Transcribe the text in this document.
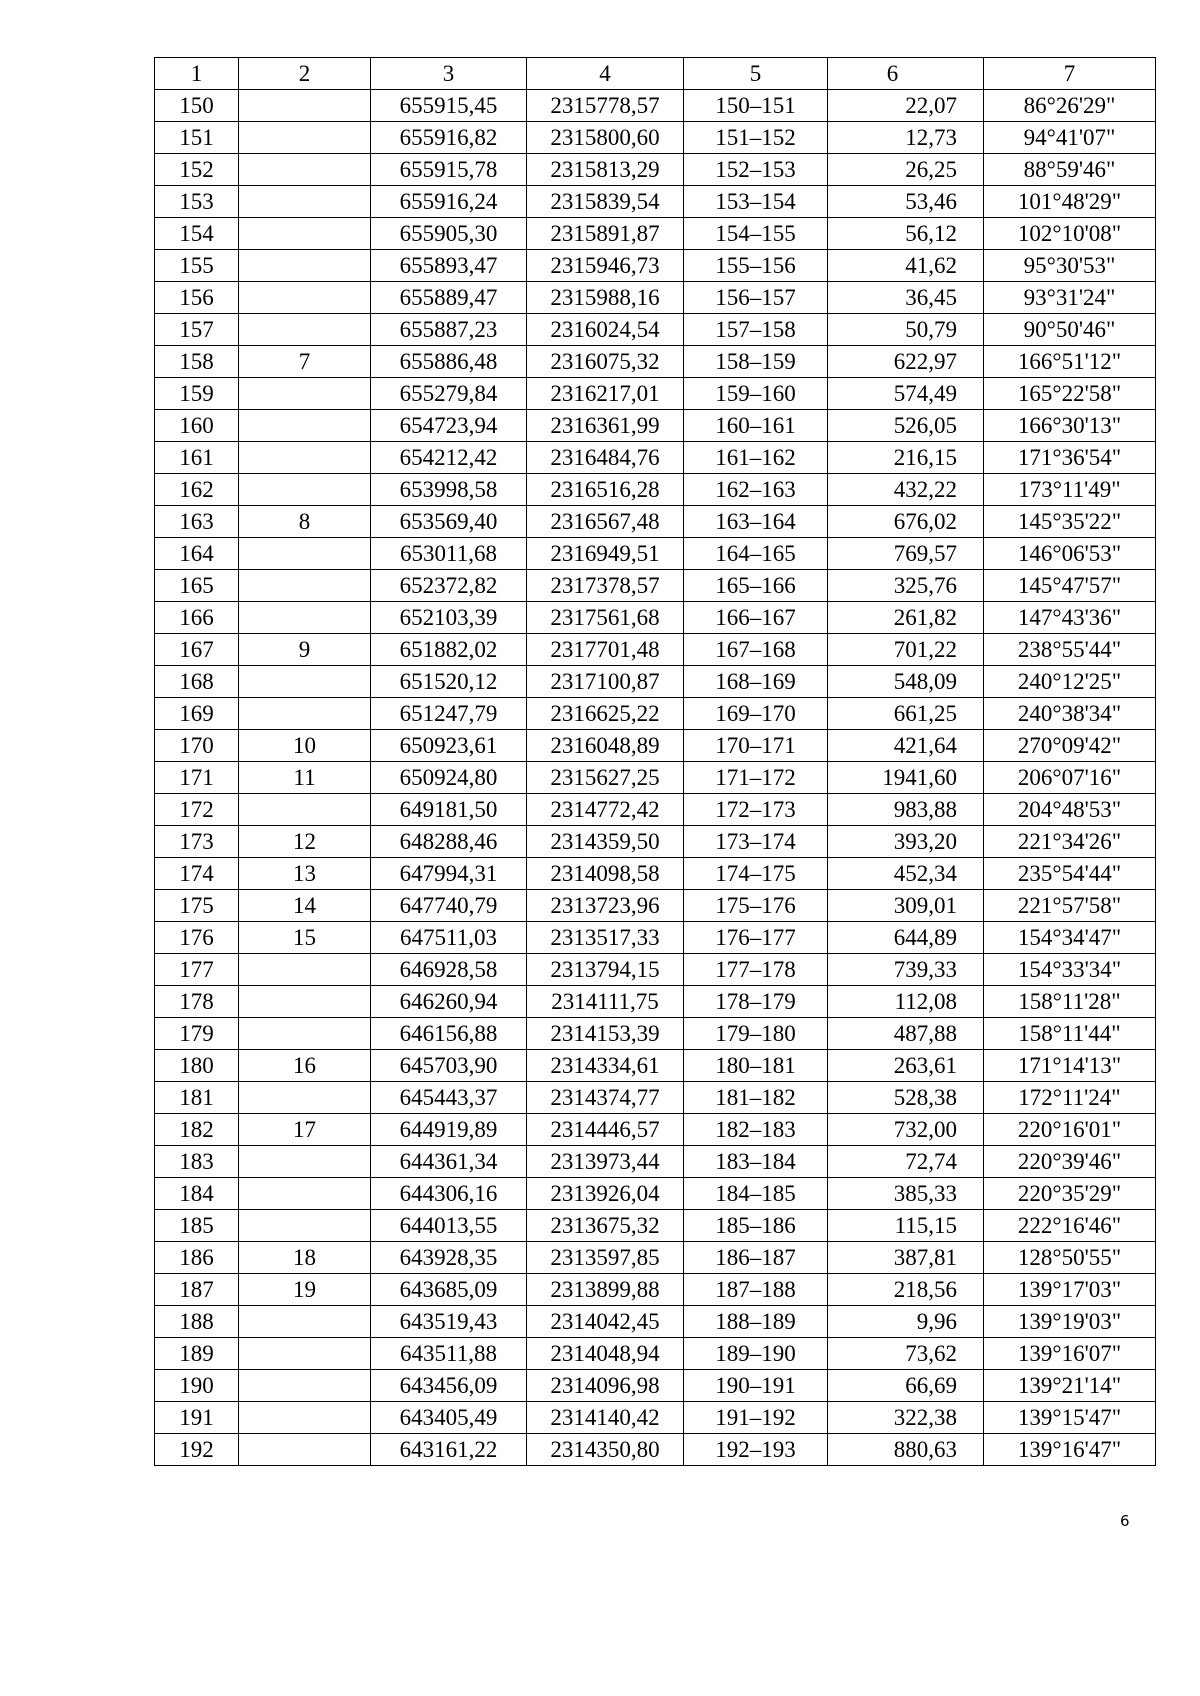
1	2	3	4	5	6	7
150		655915,45	2315778,57	150–151	22,07	86°26'29"
151		655916,82	2315800,60	151–152	12,73	94°41'07"
152		655915,78	2315813,29	152–153	26,25	88°59'46"
153		655916,24	2315839,54	153–154	53,46	101°48'29"
154		655905,30	2315891,87	154–155	56,12	102°10'08"
155		655893,47	2315946,73	155–156	41,62	95°30'53"
156		655889,47	2315988,16	156–157	36,45	93°31'24"
157		655887,23	2316024,54	157–158	50,79	90°50'46"
158	7	655886,48	2316075,32	158–159	622,97	166°51'12"
159		655279,84	2316217,01	159–160	574,49	165°22'58"
160		654723,94	2316361,99	160–161	526,05	166°30'13"
161		654212,42	2316484,76	161–162	216,15	171°36'54"
162		653998,58	2316516,28	162–163	432,22	173°11'49"
163	8	653569,40	2316567,48	163–164	676,02	145°35'22"
164		653011,68	2316949,51	164–165	769,57	146°06'53"
165		652372,82	2317378,57	165–166	325,76	145°47'57"
166		652103,39	2317561,68	166–167	261,82	147°43'36"
167	9	651882,02	2317701,48	167–168	701,22	238°55'44"
168		651520,12	2317100,87	168–169	548,09	240°12'25"
169		651247,79	2316625,22	169–170	661,25	240°38'34"
170	10	650923,61	2316048,89	170–171	421,64	270°09'42"
171	11	650924,80	2315627,25	171–172	1941,60	206°07'16"
172		649181,50	2314772,42	172–173	983,88	204°48'53"
173	12	648288,46	2314359,50	173–174	393,20	221°34'26"
174	13	647994,31	2314098,58	174–175	452,34	235°54'44"
175	14	647740,79	2313723,96	175–176	309,01	221°57'58"
176	15	647511,03	2313517,33	176–177	644,89	154°34'47"
177		646928,58	2313794,15	177–178	739,33	154°33'34"
178		646260,94	2314111,75	178–179	112,08	158°11'28"
179		646156,88	2314153,39	179–180	487,88	158°11'44"
180	16	645703,90	2314334,61	180–181	263,61	171°14'13"
181		645443,37	2314374,77	181–182	528,38	172°11'24"
182	17	644919,89	2314446,57	182–183	732,00	220°16'01"
183		644361,34	2313973,44	183–184	72,74	220°39'46"
184		644306,16	2313926,04	184–185	385,33	220°35'29"
185		644013,55	2313675,32	185–186	115,15	222°16'46"
186	18	643928,35	2313597,85	186–187	387,81	128°50'55"
187	19	643685,09	2313899,88	187–188	218,56	139°17'03"
188		643519,43	2314042,45	188–189	9,96	139°19'03"
189		643511,88	2314048,94	189–190	73,62	139°16'07"
190		643456,09	2314096,98	190–191	66,69	139°21'14"
191		643405,49	2314140,42	191–192	322,38	139°15'47"
192		643161,22	2314350,80	192–193	880,63	139°16'47"
6
